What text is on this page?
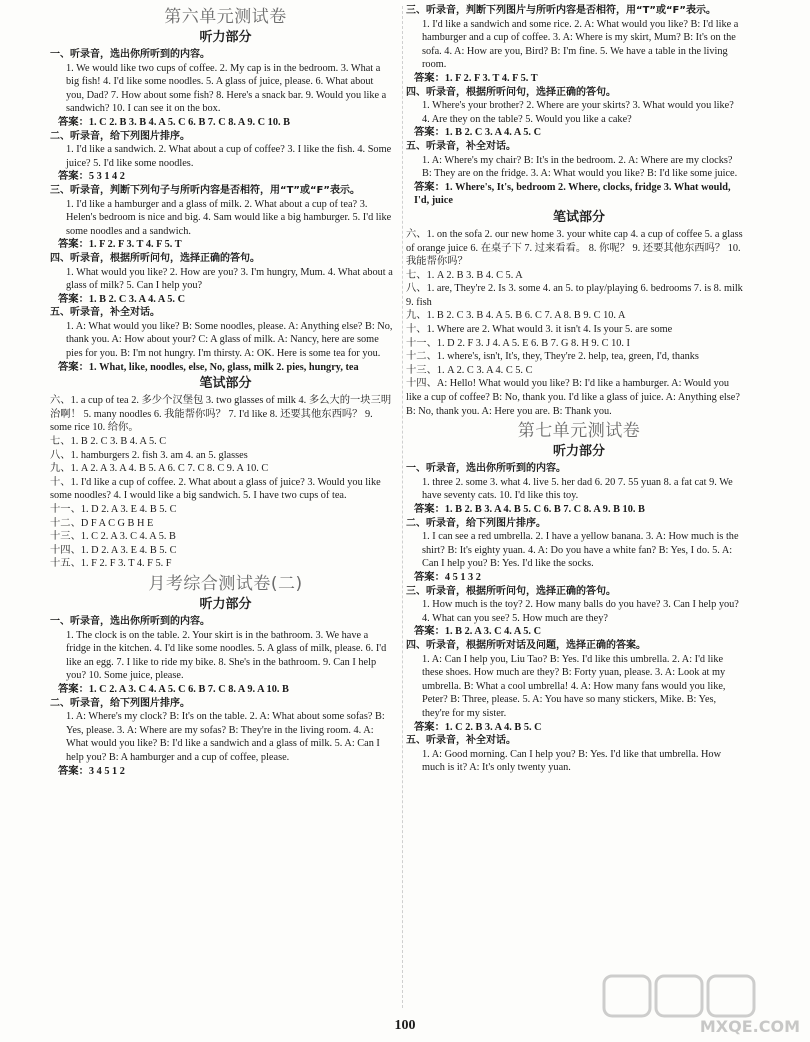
第六单元测试卷
听力部分
一、听录音，选出你所听到的内容。
1. We would like two cups of coffee. 2. My cap is in the bedroom. 3. What a big fish! 4. I'd like some noodles. 5. A glass of juice, please. 6. What about you, Dad? 7. How about some fish? 8. Here's a snack bar. 9. Would you like a sandwich? 10. I can see it on the box.
答案：1. C 2. B 3. B 4. A 5. C 6. B 7. C 8. A 9. C 10. B
二、听录音，给下列图片排序。
1. I'd like a sandwich. 2. What about a cup of coffee? 3. I like the fish. 4. Some juice? 5. I'd like some noodles.
答案：5 3 1 4 2
三、听录音，判断下列句子与所听内容是否相符，用“T”或“F”表示。
1. I'd like a hamburger and a glass of milk. 2. What about a cup of tea? 3. Helen's bedroom is nice and big. 4. Sam would like a big hamburger. 5. I'd like some noodles and a sandwich.
答案：1. F 2. F 3. T 4. F 5. T
四、听录音，根据所听问句，选择正确的答句。
1. What would you like? 2. How are you? 3. I'm hungry, Mum. 4. What about a glass of milk? 5. Can I help you?
答案：1. B 2. C 3. A 4. A 5. C
五、听录音，补全对话。
1. A: What would you like? B: Some noodles, please. A: Anything else? B: No, thank you. A: How about your? C: A glass of milk. A: Nancy, here are some pies for you. B: I'm not hungry. I'm thirsty. A: OK. Here is some tea for you.
答案：1. What, like, noodles, else, No, glass, milk 2. pies, hungry, tea
笔试部分
六、1. a cup of tea 2. 多少个汉堡包 3. two glasses of milk 4. 多么大的一块三明治啊！ 5. many noodles 6. 我能帮你吗？ 7. I'd like 8. 还要其他东西吗？ 9. some rice 10. 给你。
七、1. B 2. C 3. B 4. A 5. C
八、1. hamburgers 2. fish 3. am 4. an 5. glasses
九、1. A 2. A 3. A 4. B 5. A 6. C 7. C 8. C 9. A 10. C
十、1. I'd like a cup of coffee. 2. What about a glass of juice? 3. Would you like some noodles? 4. I would like a big sandwich. 5. I have two cups of tea.
十一、1. D 2. A 3. E 4. B 5. C
十二、D F A C G B H E
十三、1. C 2. A 3. C 4. A 5. B
十四、1. D 2. A 3. E 4. B 5. C
十五、1. F 2. F 3. T 4. F 5. F
月考综合测试卷(二)
听力部分
一、听录音，选出你所听到的内容。
1. The clock is on the table. 2. Your skirt is in the bathroom. 3. We have a fridge in the kitchen. 4. I'd like some noodles. 5. A glass of milk, please. 6. I'd like an egg. 7. I like to ride my bike. 8. She's in the bathroom. 9. Can I help you? 10. Some juice, please.
答案：1. C 2. A 3. C 4. A 5. C 6. B 7. C 8. A 9. A 10. B
二、听录音，给下列图片排序。
1. A: Where's my clock? B: It's on the table. 2. A: What about some sofas? B: Yes, please. 3. A: Where are my sofas? B: They're in the living room. 4. A: What would you like? B: I'd like a sandwich and a glass of milk. 5. A: Can I help you? B: A hamburger and a cup of coffee, please.
答案：3 4 5 1 2
三、听录音，判断下列图片与所听内容是否相符，用“T”或“F”表示。
1. I'd like a sandwich and some rice. 2. A: What would you like? B: I'd like a hamburger and a cup of coffee. 3. A: Where is my skirt, Mum? B: It's on the sofa. 4. A: How are you, Bird? B: I'm fine. 5. We have a table in the living room.
答案：1. F 2. F 3. T 4. F 5. T
四、听录音，根据所听问句，选择正确的答句。
1. Where's your brother? 2. Where are your skirts? 3. What would you like? 4. Are they on the table? 5. Would you like a cake?
答案：1. B 2. C 3. A 4. A 5. C
五、听录音，补全对话。
1. A: Where's my chair? B: It's in the bedroom. 2. A: Where are my clocks? B: They are on the fridge. 3. A: What would you like? B: I'd like some juice.
答案：1. Where's, It's, bedroom 2. Where, clocks, fridge 3. What would, I'd, juice
笔试部分
六、1. on the sofa 2. our new home 3. your white cap 4. a cup of coffee 5. a glass of orange juice 6. 在桌子下 7. 过来看看。 8. 你呢？ 9. 还要其他东西吗？ 10. 我能帮你吗？
七、1. A 2. B 3. B 4. C 5. A
八、1. are, They're 2. Is 3. some 4. an 5. to play/playing 6. bedrooms 7. is 8. milk 9. fish
九、1. B 2. C 3. B 4. A 5. B 6. C 7. A 8. B 9. C 10. A
十、1. Where are 2. What would 3. it isn't 4. Is your 5. are some
十一、1. D 2. F 3. J 4. A 5. E 6. B 7. G 8. H 9. C 10. I
十二、1. where's, isn't, It's, they, They're 2. help, tea, green, I'd, thanks
十三、1. A 2. C 3. A 4. C 5. C
十四、A: Hello! What would you like? B: I'd like a hamburger. A: Would you like a cup of coffee? B: No, thank you. I'd like a glass of juice. A: Anything else? B: No, thank you. A: Here you are. B: Thank you.
第七单元测试卷
听力部分
一、听录音，选出你所听到的内容。
1. three 2. some 3. what 4. live 5. her dad 6. 20 7. 55 yuan 8. a fat cat 9. We have seventy cats. 10. I'd like this toy.
答案：1. B 2. B 3. A 4. B 5. C 6. B 7. C 8. A 9. B 10. B
二、听录音，给下列图片排序。
1. I can see a red umbrella. 2. I have a yellow banana. 3. A: How much is the shirt? B: It's eighty yuan. 4. A: Do you have a white fan? B: Yes, I do. 5. A: Can I help you? B: Yes. I'd like the socks.
答案：4 5 1 3 2
三、听录音，根据所听问句，选择正确的答句。
1. How much is the toy? 2. How many balls do you have? 3. Can I help you? 4. What can you see? 5. How much are they?
答案：1. B 2. A 3. C 4. A 5. C
四、听录音，根据所听对话及问题，选择正确的答案。
1. A: Can I help you, Liu Tao? B: Yes. I'd like this umbrella. 2. A: I'd like these shoes. How much are they? B: Forty yuan, please. 3. A: Look at my umbrella. B: What a cool umbrella! 4. A: How many fans would you like, Peter? B: Three, please. 5. A: You have so many stickers, Mike. B: Yes, they're for my sister.
答案：1. C 2. B 3. A 4. B 5. C
五、听录音，补全对话。
1. A: Good morning. Can I help you? B: Yes. I'd like that umbrella. How much is it? A: It's only twenty yuan.
100	MXQE.COM
